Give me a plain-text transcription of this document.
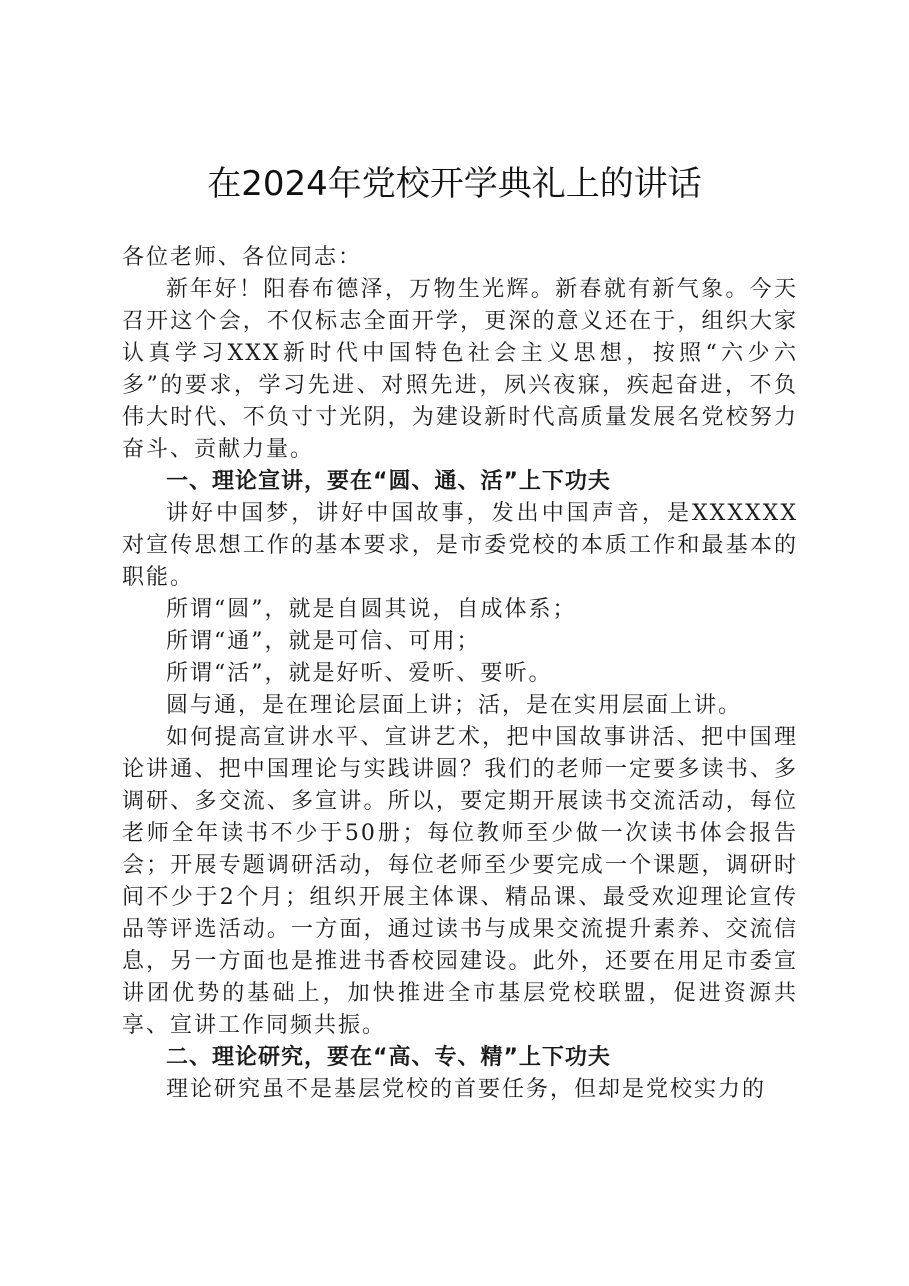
在2024年党校开学典礼上的讲话

各位老师、各位同志：

新年好！阳春布德泽，万物生光辉。新春就有新气象。今天召开这个会，不仅标志全面开学，更深的意义还在于，组织大家认真学习XXX新时代中国特色社会主义思想，按照“六少六多”的要求，学习先进、对照先进，夙兴夜寐，疾起奋进，不负伟大时代、不负寸寸光阴，为建设新时代高质量发展名党校努力奋斗、贡献力量。

一、理论宣讲，要在“圆、通、活”上下功夫

讲好中国梦，讲好中国故事，发出中国声音，是XXXXXX对宣传思想工作的基本要求，是市委党校的本质工作和最基本的职能。

所谓“圆”，就是自圆其说，自成体系；

所谓“通”，就是可信、可用；

所谓“活”，就是好听、爱听、要听。

圆与通，是在理论层面上讲；活，是在实用层面上讲。

如何提高宣讲水平、宣讲艺术，把中国故事讲活、把中国理论讲通、把中国理论与实践讲圆？我们的老师一定要多读书、多调研、多交流、多宣讲。所以，要定期开展读书交流活动，每位老师全年读书不少于50册；每位教师至少做一次读书体会报告会；开展专题调研活动，每位老师至少要完成一个课题，调研时间不少于2个月；组织开展主体课、精品课、最受欢迎理论宣传品等评选活动。一方面，通过读书与成果交流提升素养、交流信息，另一方面也是推进书香校园建设。此外，还要在用足市委宣讲团优势的基础上，加快推进全市基层党校联盟，促进资源共享、宣讲工作同频共振。

二、理论研究，要在“高、专、精”上下功夫

理论研究虽不是基层党校的首要任务，但却是党校实力的
